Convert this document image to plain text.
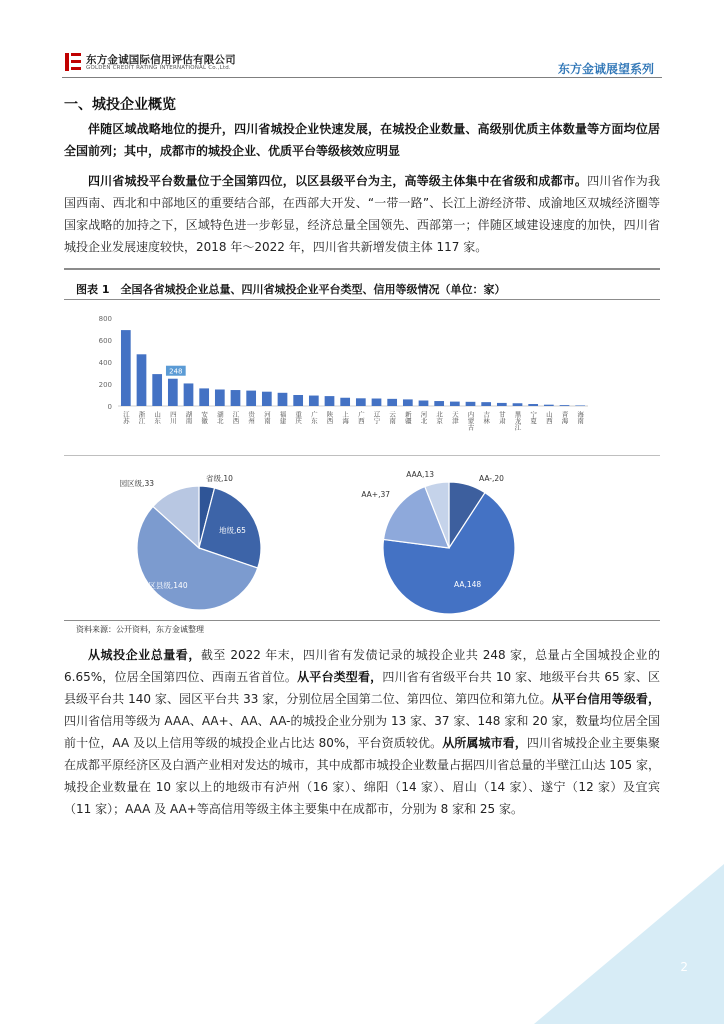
东方金诚国际信用评估有限公司
GOLDEN CREDIT RATING INTERNATIONAL Co.,Ltd.	东方金诚展望系列
一、城投企业概览
伴随区域战略地位的提升，四川省城投企业快速发展，在城投企业数量、高级别优质主体数量等方面均位居全国前列；其中，成都市的城投企业、优质平台等级核效应明显
四川省城投平台数量位于全国第四位，以区县级平台为主，高等级主体集中在省级和成都市。四川省作为我国西南、西北和中部地区的重要结合部，在西部大开发、“一带一路”、长江上游经济带、成渝地区双城经济圈等国家战略的加持之下，区域特色进一步彰显，经济总量全国领先、西部第一；伴随区域建设速度的加快，四川省城投企业发展速度较快，2018 年～2022 年，四川省共新增发债主体 117 家。
图表 1　全国各省城投企业总量、四川省城投企业平台类型、信用等级情况（单位：家）
800
600
400
200
0
江苏 浙江 山东 四川
248
湖南 安徽 湖北 江西 贵州 河南 福建 重庆 广东 陕西 上海 广西 辽宁 云南 新疆 河北 北京 天津 内蒙古 吉林 甘肃 黑龙江 宁夏 山西 青海 海南
省级,10
地级,65
区县级,140
园区级,33
AA-,20
AA,148
AA+,37
AAA,13
资料来源：公开资料，东方金诚整理
从城投企业总量看，截至 2022 年末，四川省有发债记录的城投企业共 248 家，总量占全国城投企业的 6.65%，位居全国第四位、西南五省首位。从平台类型看，四川省有省级平台共 10 家、地级平台共 65 家、区县级平台共 140 家、园区平台共 33 家，分别位居全国第二位、第四位、第四位和第九位。从平台信用等级看，四川省信用等级为 AAA、AA+、AA、AA-的城投企业分别为 13 家、37 家、148 家和 20 家，数量均位居全国前十位，AA 及以上信用等级的城投企业占比达 80%，平台资质较优。从所属城市看，四川省城投企业主要集聚在成都平原经济区及白酒产业相对发达的城市，其中成都市城投企业数量占据四川省总量的半壁江山达 105 家，城投企业数量在 10 家以上的地级市有泸州（16 家）、绵阳（14 家）、眉山（14 家）、遂宁（12 家）及宜宾（11 家）；AAA 及 AA+等高信用等级主体主要集中在成都市，分别为 8 家和 25 家。
2
